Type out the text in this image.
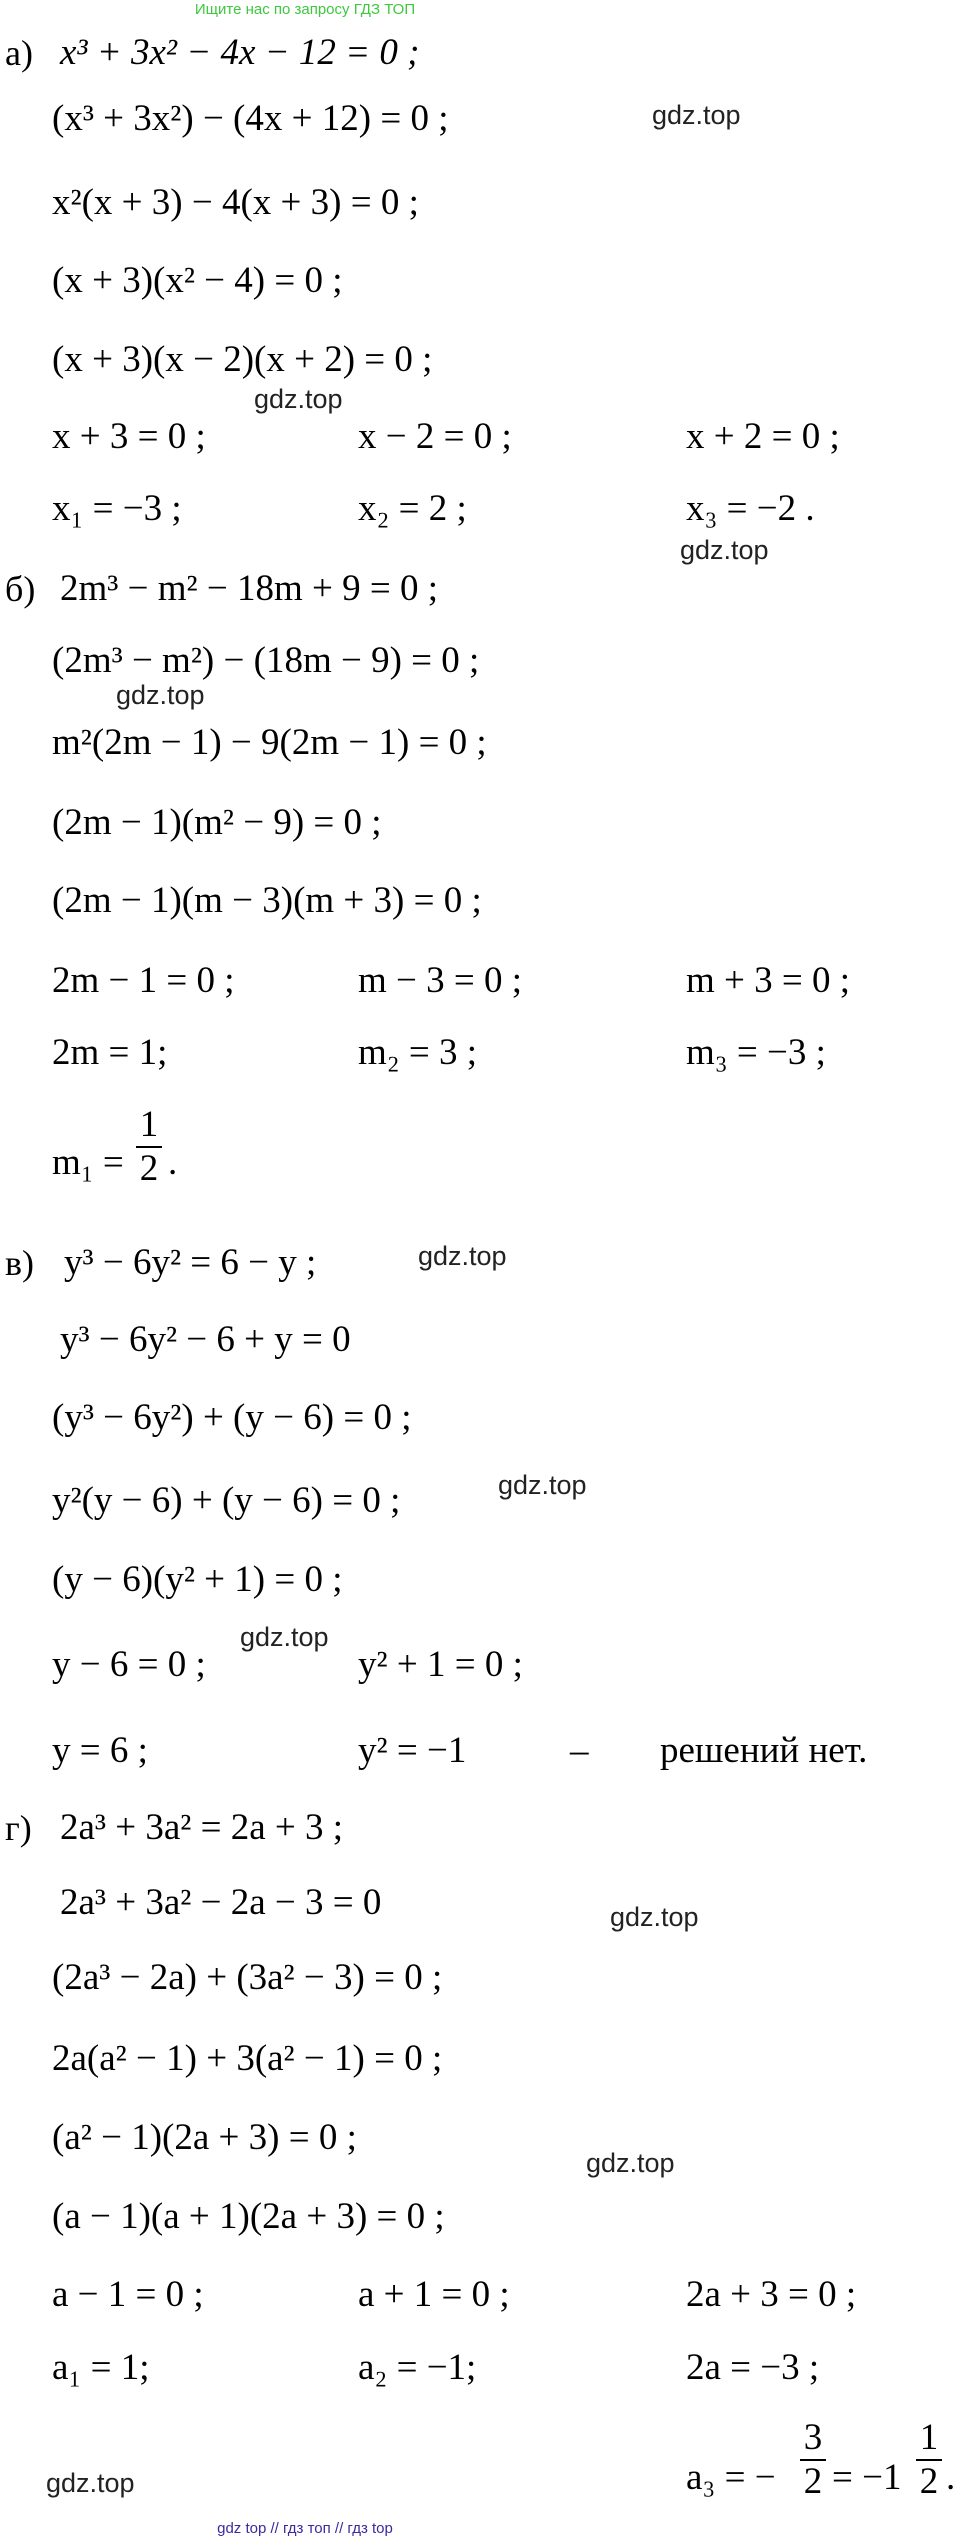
Ищите нас по запросу ГДЗ ТОП
а) x³ + 3x² − 4x − 12 = 0 ;
(x³ + 3x²) − (4x + 12) = 0 ;
x²(x + 3) − 4(x + 3) = 0 ;
(x + 3)(x² − 4) = 0 ;
(x + 3)(x − 2)(x + 2) = 0 ;
x + 3 = 0 ;	x − 2 = 0 ;	x + 2 = 0 ;
x₁ = −3 ;	x₂ = 2 ;	x₃ = −2 .
б) 2m³ − m² − 18m + 9 = 0 ;
(2m³ − m²) − (18m − 9) = 0 ;
m²(2m − 1) − 9(2m − 1) = 0 ;
(2m − 1)(m² − 9) = 0 ;
(2m − 1)(m − 3)(m + 3) = 0 ;
2m − 1 = 0 ;	m − 3 = 0 ;	m + 3 = 0 ;
2m = 1;	m₂ = 3 ;	m₃ = −3 ;
m₁ =
1
2 .
в) y³ − 6y² = 6 − y ;
y³ − 6y² − 6 + y = 0
(y³ − 6y²) + (y − 6) = 0 ;
y²(y − 6) + (y − 6) = 0 ;
(y − 6)(y² + 1) = 0 ;
y − 6 = 0 ;	y² + 1 = 0 ;
y = 6 ;	y² = −1	– решений нет.
г) 2a³ + 3a² = 2a + 3 ;
2a³ + 3a² − 2a − 3 = 0
(2a³ − 2a) + (3a² − 3) = 0 ;
2a(a² − 1) + 3(a² − 1) = 0 ;
(a² − 1)(2a + 3) = 0 ;
(a − 1)(a + 1)(2a + 3) = 0 ;
a − 1 = 0 ;	a + 1 = 0 ;	2a + 3 = 0 ;
a₁ = 1;	a₂ = −1;	2a = −3 ;
a₃ = −
3
2 = −1
1
2 .
gdz.top
gdz.top
gdz.top
gdz.top
gdz.top
gdz.top
gdz.top
gdz.top
gdz.top
gdz.top
gdz top // гдз топ // гдз top
